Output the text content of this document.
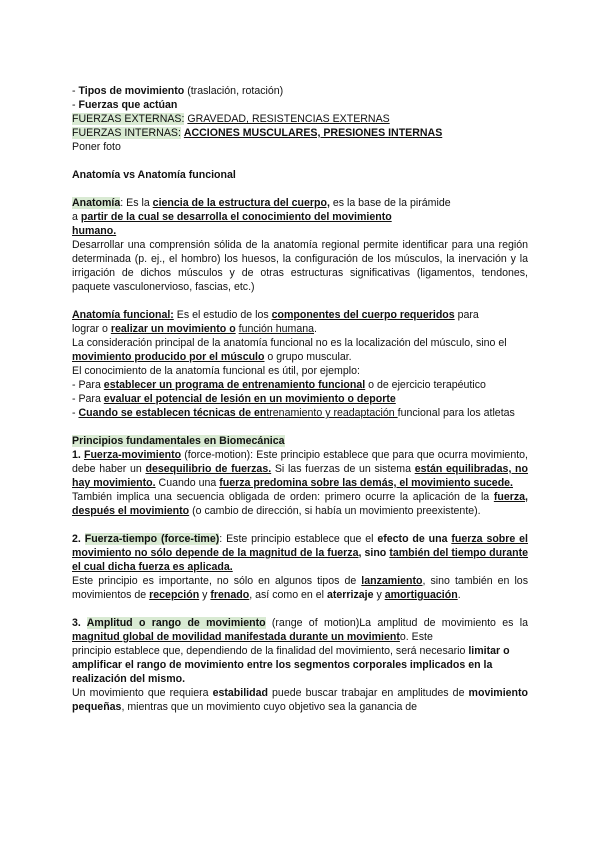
- Tipos de movimiento (traslación, rotación)

- Fuerzas que actúan

FUERZAS EXTERNAS: GRAVEDAD, RESISTENCIAS EXTERNAS

FUERZAS INTERNAS: ACCIONES MUSCULARES, PRESIONES INTERNAS

Poner foto

Anatomía vs Anatomía funcional

Anatomía: Es la ciencia de la estructura del cuerpo, es la base de la pirámide

a partir de la cual se desarrolla el conocimiento del movimiento

humano.

Desarrollar una comprensión sólida de la anatomía regional permite identificar para una región determinada (p. ej., el hombro) los huesos, la configuración de los músculos, la inervación y la irrigación de dichos músculos y de otras estructuras significativas (ligamentos, tendones, paquete vasculonervioso, fascias, etc.)

Anatomía funcional: Es el estudio de los componentes del cuerpo requeridos para

lograr o realizar un movimiento o función humana.

La consideración principal de la anatomía funcional no es la localización del músculo, sino el movimiento producido por el músculo o grupo muscular.

El conocimiento de la anatomía funcional es útil, por ejemplo:

- Para establecer un programa de entrenamiento funcional o de ejercicio terapéutico

- Para evaluar el potencial de lesión en un movimiento o deporte

- Cuando se establecen técnicas de entrenamiento y readaptación funcional para los atletas

Principios fundamentales en Biomecánica

1. Fuerza-movimiento (force-motion): Este principio establece que para que ocurra movimiento, debe haber un desequilibrio de fuerzas. Si las fuerzas de un sistema están equilibradas, no hay movimiento. Cuando una fuerza predomina sobre las demás, el movimiento sucede.

También implica una secuencia obligada de orden: primero ocurre la aplicación de la fuerza, después el movimiento (o cambio de dirección, si había un movimiento preexistente).

2. Fuerza-tiempo (force-time): Este principio establece que el efecto de una fuerza sobre el movimiento no sólo depende de la magnitud de la fuerza, sino también del tiempo durante el cual dicha fuerza es aplicada.

Este principio es importante, no sólo en algunos tipos de lanzamiento, sino también en los movimientos de recepción y frenado, así como en el aterrizaje y amortiguación.

3. Amplitud o rango de movimiento (range of motion)La amplitud de movimiento es la magnitud global de movilidad manifestada durante un movimiento. Este

principio establece que, dependiendo de la finalidad del movimiento, será necesario limitar o amplificar el rango de movimiento entre los segmentos corporales implicados en la realización del mismo.

Un movimiento que requiera estabilidad puede buscar trabajar en amplitudes de movimiento pequeñas, mientras que un movimiento cuyo objetivo sea la ganancia de
